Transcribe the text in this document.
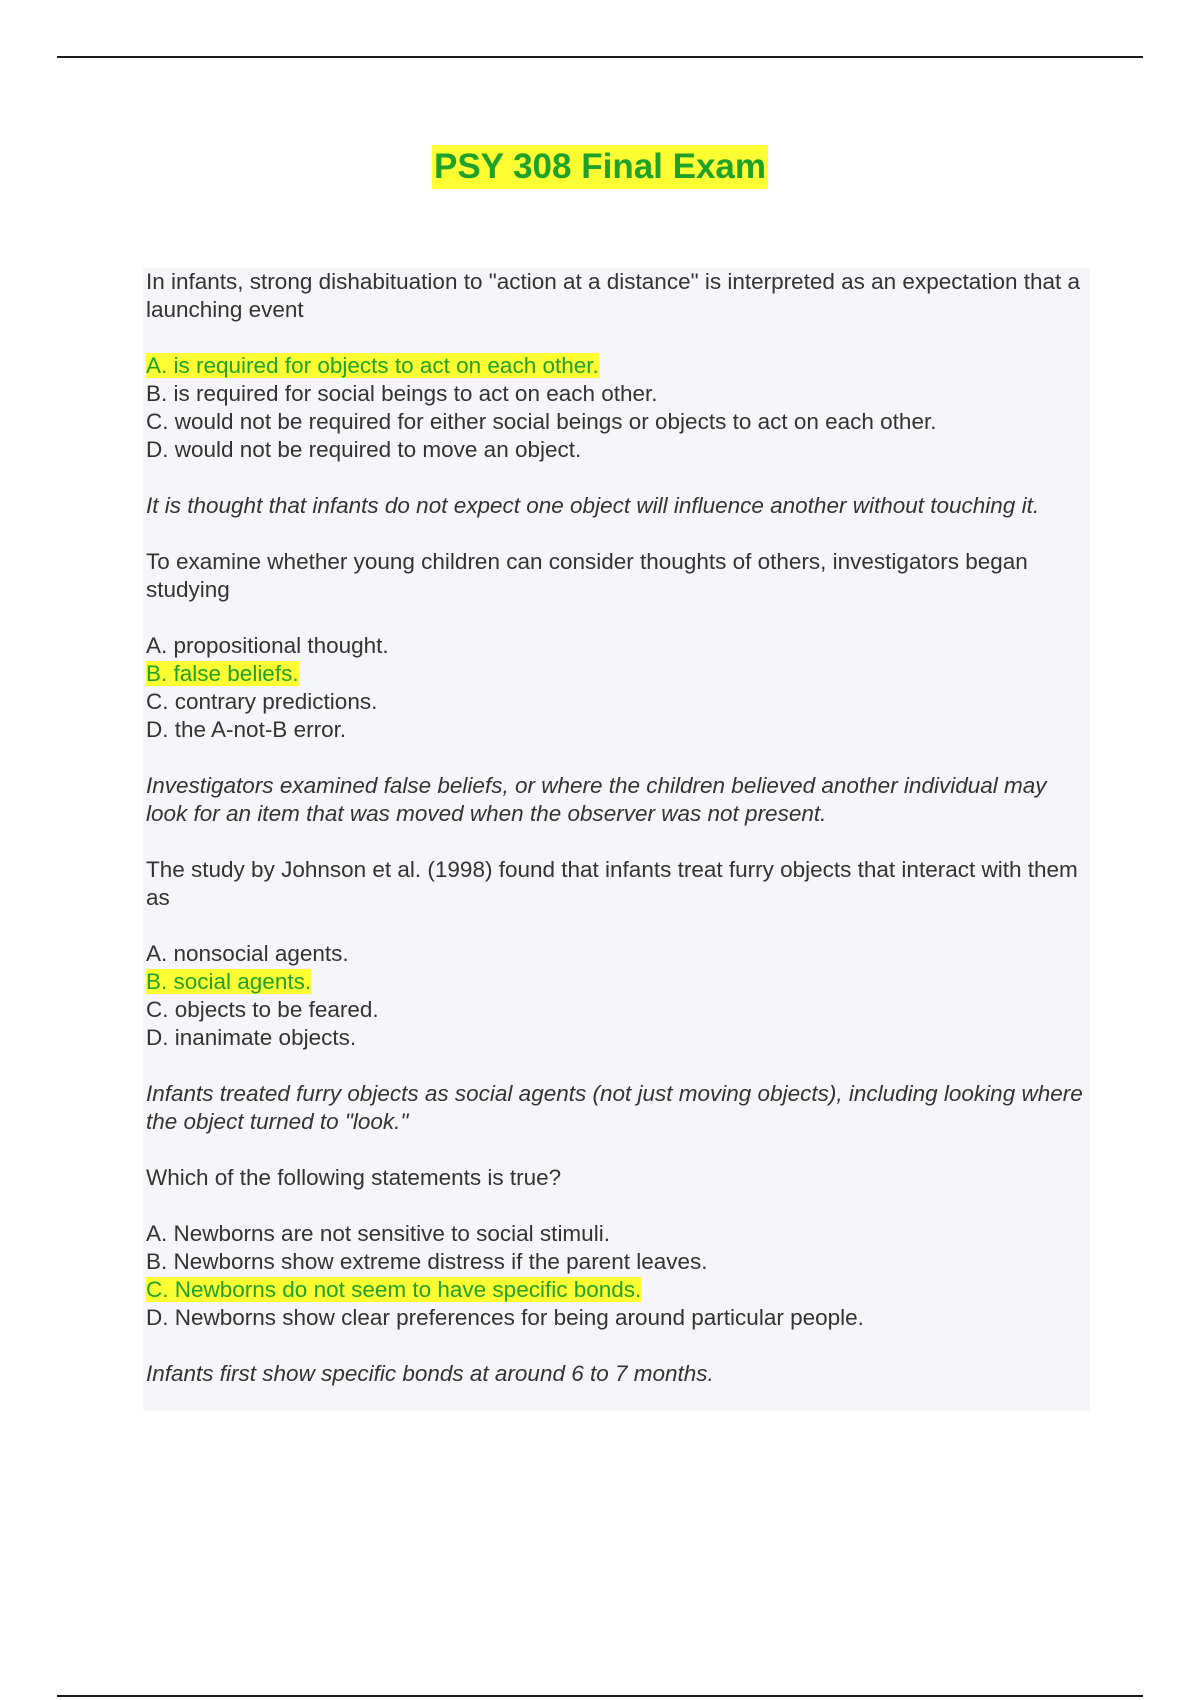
PSY 308 Final Exam

In infants, strong dishabituation to "action at a distance" is interpreted as an expectation that a launching event

A. is required for objects to act on each other.
B. is required for social beings to act on each other.
C. would not be required for either social beings or objects to act on each other.
D. would not be required to move an object.

It is thought that infants do not expect one object will influence another without touching it.

To examine whether young children can consider thoughts of others, investigators began studying

A. propositional thought.
B. false beliefs.
C. contrary predictions.
D. the A-not-B error.

Investigators examined false beliefs, or where the children believed another individual may look for an item that was moved when the observer was not present.

The study by Johnson et al. (1998) found that infants treat furry objects that interact with them as

A. nonsocial agents.
B. social agents.
C. objects to be feared.
D. inanimate objects.

Infants treated furry objects as social agents (not just moving objects), including looking where the object turned to "look."

Which of the following statements is true?

A. Newborns are not sensitive to social stimuli.
B. Newborns show extreme distress if the parent leaves.
C. Newborns do not seem to have specific bonds.
D. Newborns show clear preferences for being around particular people.

Infants first show specific bonds at around 6 to 7 months.
